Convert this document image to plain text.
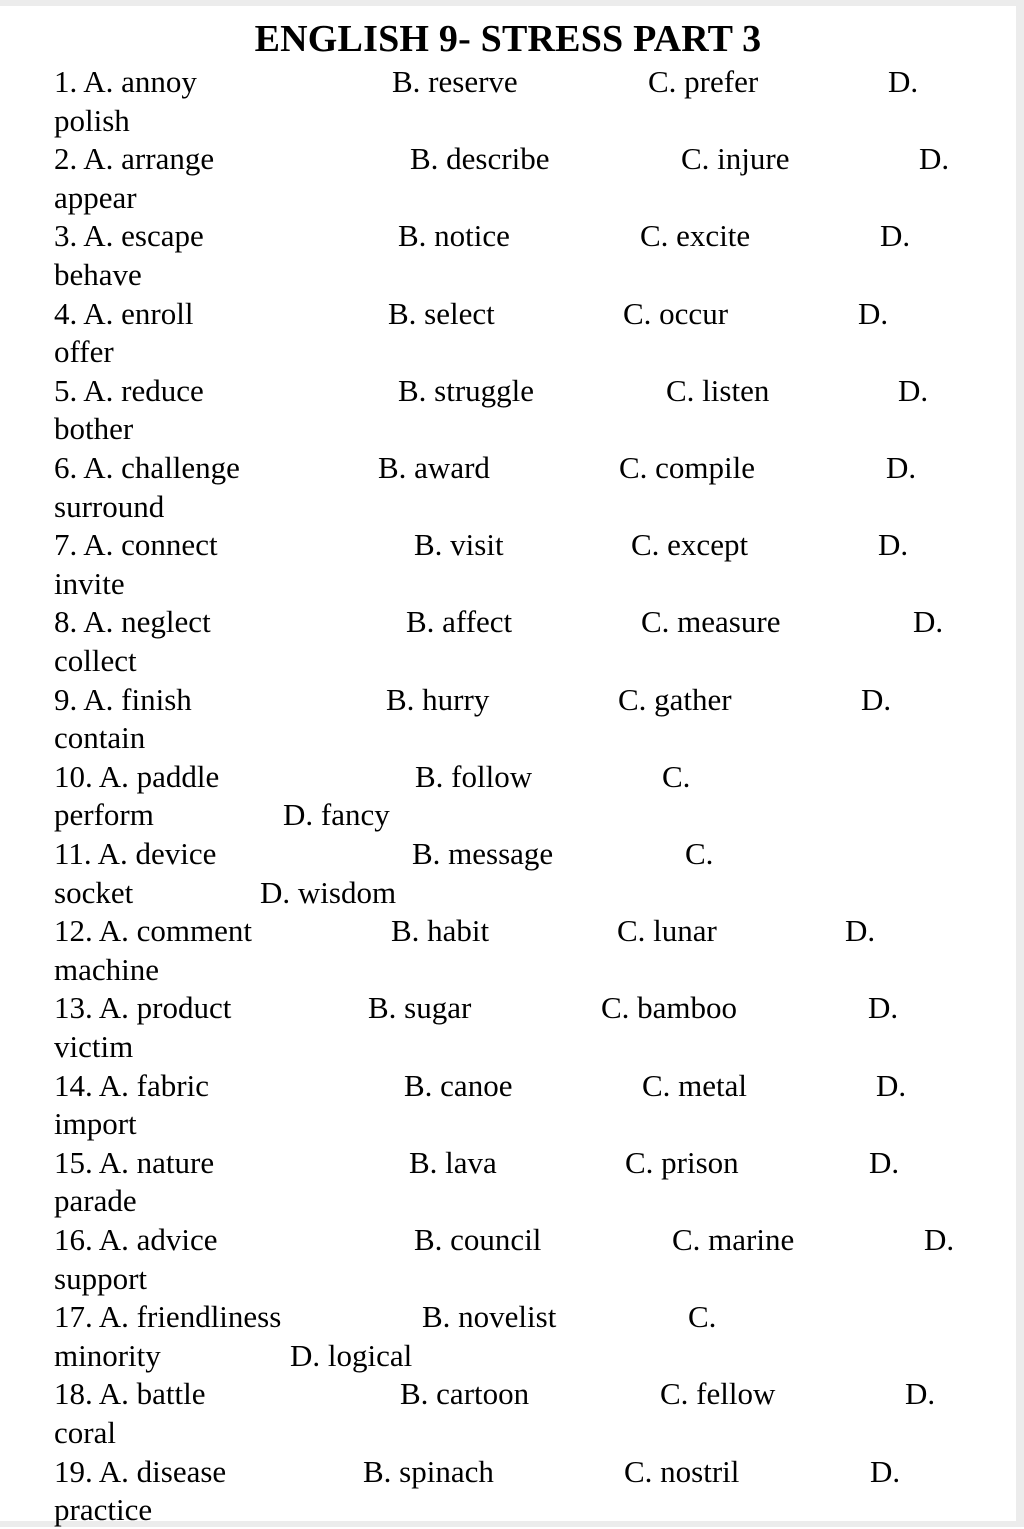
ENGLISH 9- STRESS PART 3
1. A. annoy	B. reserve	C. prefer	D.
polish
2. A. arrange	B. describe	C. injure	D.
appear
3. A. escape	B. notice	C. excite	D.
behave
4. A. enroll	B. select	C. occur	D.
offer
5. A. reduce	B. struggle	C. listen	D.
bother
6. A. challenge	B. award	C. compile	D.
surround
7. A. connect	B. visit	C. except	D.
invite
8. A. neglect	B. affect	C. measure	D.
collect
9. A. finish	B. hurry	C. gather	D.
contain
10. A. paddle	B. follow	C.
perform	D. fancy
11. A. device	B. message	C.
socket	D. wisdom
12. A. comment	B. habit	C. lunar	D.
machine
13. A. product	B. sugar	C. bamboo	D.
victim
14. A. fabric	B. canoe	C. metal	D.
import
15. A. nature	B. lava	C. prison	D.
parade
16. A. advice	B. council	C. marine	D.
support
17. A. friendliness	B. novelist	C.
minority	D. logical
18. A. battle	B. cartoon	C. fellow	D.
coral
19. A. disease	B. spinach	C. nostril	D.
practice
